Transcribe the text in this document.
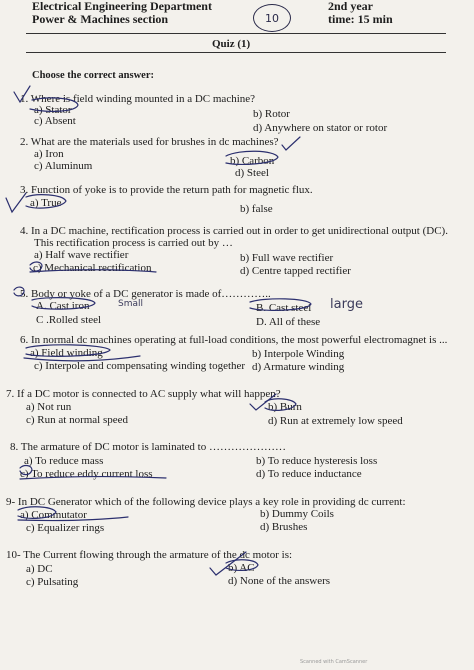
Electrical Engineering Department
Power & Machines section
2nd year
time: 15 min
10
Quiz (1)
Choose the correct answer:
1. Where is field winding mounted in a DC machine?
a) Stator	b) Rotor
c) Absent
d) Anywhere on stator or rotor
2. What are the materials used for brushes in dc machines?
a) Iron
b) Carbon
c) Aluminum
d) Steel
3. Function of yoke is to provide the return path for magnetic flux.
a) True	b) false
4. In a DC machine, rectification process is carried out in order to get unidirectional output (DC).
This rectification process is carried out by …
a) Half wave rectifier	b) Full wave rectifier
c) Mechanical rectification	d) Centre tapped rectifier
5. Body or yoke of a DC generator is made of…………..
A. Cast iron	B. Cast steel
C .Rolled steel	D. All of these
Small	large
6. In normal dc machines operating at full-load conditions, the most powerful electromagnet is ...
a) Field winding	b) Interpole Winding
c) Interpole and compensating winding together d) Armature winding
7. If a DC motor is connected to AC supply what will happen?
a) Not run	b) Burn
c) Run at normal speed	d) Run at extremely low speed
8. The armature of DC motor is laminated to …………………
a) To reduce mass	b) To reduce hysteresis loss
c) To reduce eddy current loss	d) To reduce inductance
9- In DC Generator which of the following device plays a key role in providing dc current:
a) Commutator	b) Dummy Coils
c) Equalizer rings	d) Brushes
10- The Current flowing through the armature of the dc motor is:
a) DC	b) AC
c) Pulsating	d) None of the answers
Scanned with CamScanner
